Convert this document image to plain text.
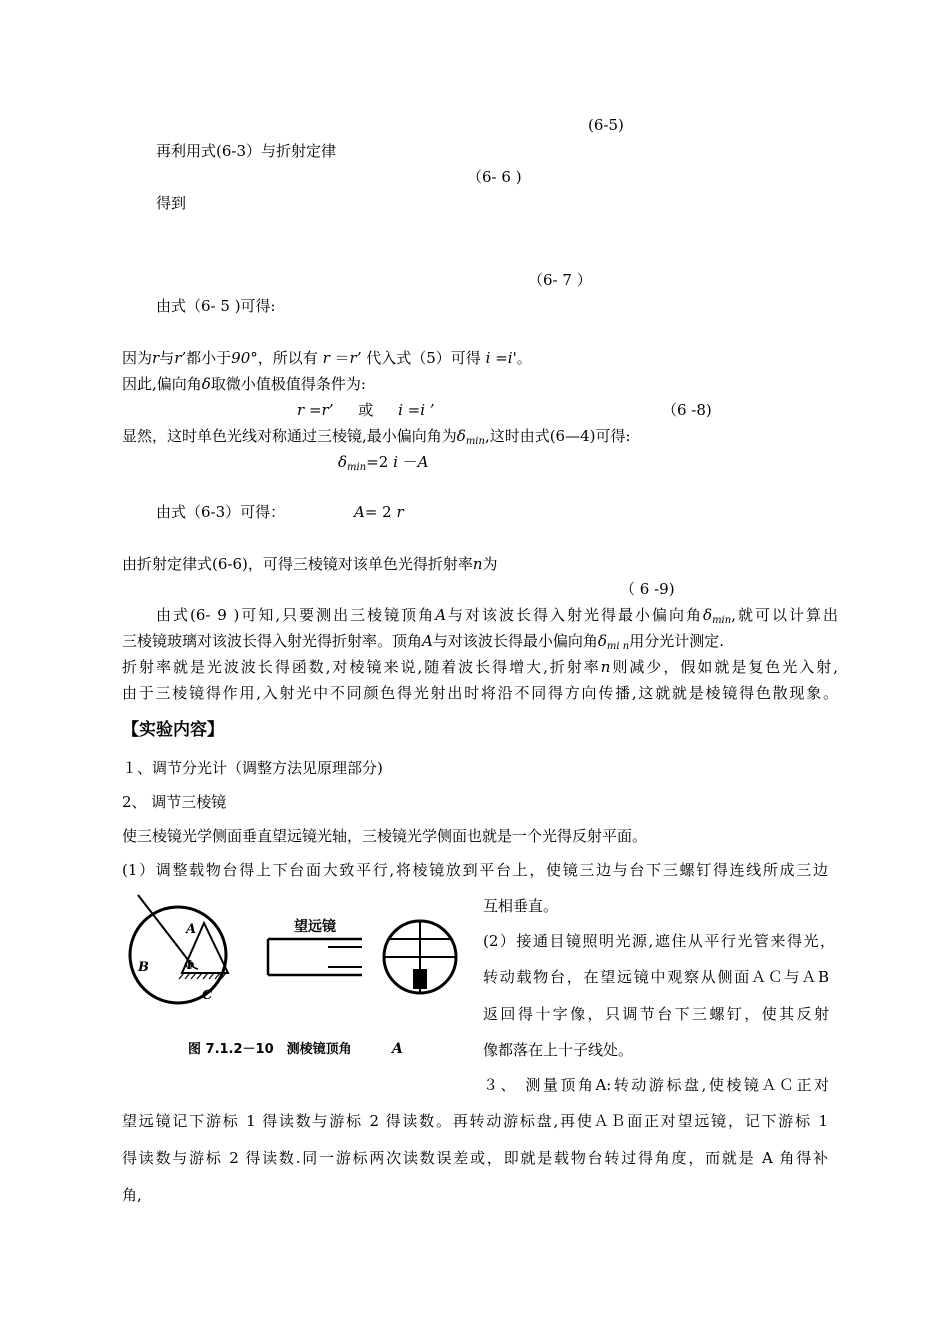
(6-5)
再利用式(6-3）与折射定律
（6- 6 )
得到
（6- 7 ）
由式（6- 5 )可得:
因为r与r’都小于90°，所以有 r ＝r’ 代入式（5）可得 i =i'。
因此,偏向角δ取微小值极值得条件为:
r =r’ 或 i =i ’	（6 -8)
显然，这时单色光线对称通过三棱镜,最小偏向角为$\delta_{min}$,这时由式(6—4)可得:
$\delta_{min}=2$ i －A
由式（6-3）可得：	A= 2 r
由折射定律式(6-6)，可得三棱镜对该单色光得折射率n为
（ 6 -9)
由式(6- 9 )可知,只要测出三棱镜顶角A与对该波长得入射光得最小偏向角$\delta_{min}$,就可以计算出
三棱镜玻璃对该波长得入射光得折射率。顶角A与对该波长得最小偏向角$\delta_{mi n}$用分光计测定.
折射率就是光波波长得函数,对棱镜来说,随着波长得增大,折射率n则减少，假如就是复色光入射,
由于三棱镜得作用,入射光中不同颜色得光射出时将沿不同得方向传播,这就就是棱镜得色散现象。
【实验内容】
１、调节分光计（调整方法见原理部分)
2、 调节三棱镜
使三棱镜光学侧面垂直望远镜光轴，三棱镜光学侧面也就是一个光得反射平面。
(1）调整载物台得上下台面大致平行,将棱镜放到平台上，使镜三边与台下三螺钉得连线所成三边
互相垂直。
(2）接通目镜照明光源,遮住从平行光管来得光，
转动载物台，在望远镜中观察从侧面ＡＣ与ＡB
返回得十字像，只调节台下三螺钉，使其反射
像都落在上十子线处。
A
B
C
Φ
望远镜
图 7.1.2－10　测棱镜顶角	A
３、 测量顶角A:转动游标盘,使棱镜ＡＣ正对
望远镜记下游标 1 得读数与游标 2 得读数。再转动游标盘,再使ＡＢ面正对望远镜，记下游标 1
得读数与游标 2 得读数.同一游标两次读数误差或，即就是载物台转过得角度，而就是 A 角得补
角,
